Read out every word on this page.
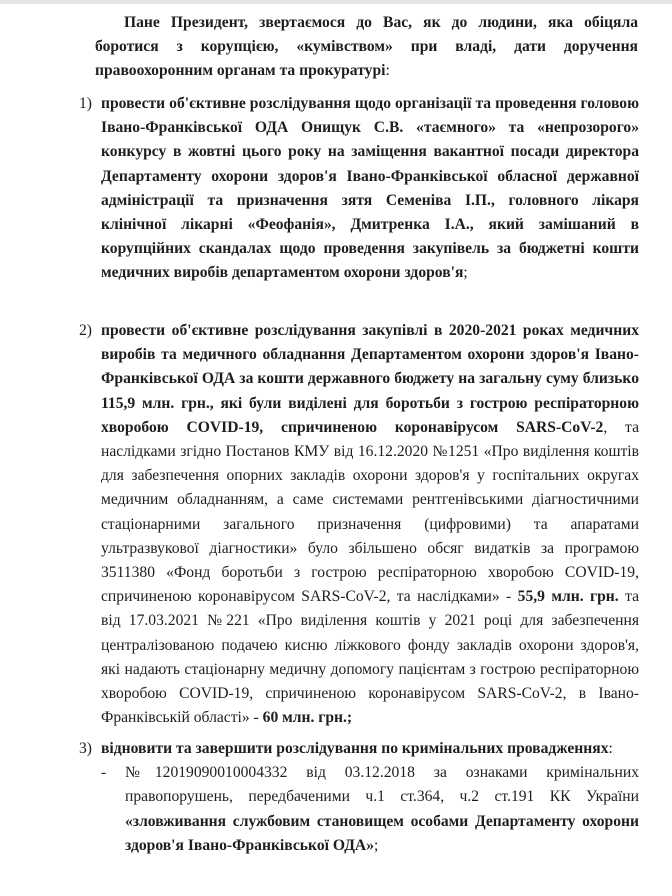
Пане Президент, звертаємося до Вас, як до людини, яка обіцяла боротися з корупцією, «кумівством» при владі, дати доручення правоохоронним органам та прокуратурі:

1) провести об'єктивне розслідування щодо організації та проведення головою Івано-Франківської ОДА Онищук С.В. «таємного» та «непрозорого» конкурсу в жовтні цього року на заміщення вакантної посади директора Департаменту охорони здоров'я Івано-Франківської обласної державної адміністрації та призначення зятя Семеніва І.П., головного лікаря клінічної лікарні «Феофанія», Дмитренка І.А., який замішаний в корупційних скандалах щодо проведення закупівель за бюджетні кошти медичних виробів департаментом охорони здоров'я;

2) провести об'єктивне розслідування закупівлі в 2020-2021 роках медичних виробів та медичного обладнання Департаментом охорони здоров'я Івано-Франківської ОДА за кошти державного бюджету на загальну суму близько 115,9 млн. грн., які були виділені для боротьби з гострою респіраторною хворобою COVID-19, спричиненою коронавірусом SARS-CoV-2, та наслідками згідно Постанов КМУ від 16.12.2020 №1251 «Про виділення коштів для забезпечення опорних закладів охорони здоров'я у госпітальних округах медичним обладнанням, а саме системами рентгенівськими діагностичними стаціонарними загального призначення (цифровими) та апаратами ультразвукової діагностики» було збільшено обсяг видатків за програмою 3511380 «Фонд боротьби з гострою респіраторною хворобою COVID-19, спричиненою коронавірусом SARS-CoV-2, та наслідками» - 55,9 млн. грн. та від 17.03.2021 №221 «Про виділення коштів у 2021 році для забезпечення централізованою подачею кисню ліжкового фонду закладів охорони здоров'я, які надають стаціонарну медичну допомогу пацієнтам з гострою респіраторною хворобою COVID-19, спричиненою коронавірусом SARS-CoV-2, в Івано-Франківській області» - 60 млн. грн.;

3) відновити та завершити розслідування по кримінальних провадженнях:

- №12019090010004332 від 03.12.2018 за ознаками кримінальних правопорушень, передбаченими ч.1 ст.364, ч.2 ст.191 КК України «зловживання службовим становищем особами Департаменту охорони здоров'я Івано-Франківської ОДА»;
